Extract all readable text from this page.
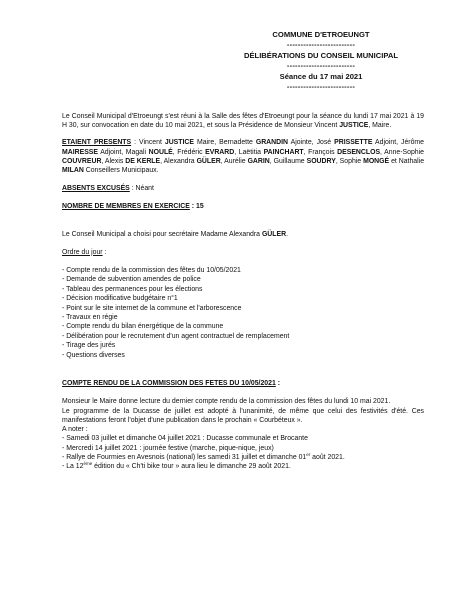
COMMUNE D'ETROEUNGT
-------------------------
DÉLIBÉRATIONS DU CONSEIL MUNICIPAL
-------------------------
Séance du 17 mai 2021
-------------------------

Le Conseil Municipal d'Etroeungt s'est réuni à la Salle des fêtes d'Etroeungt pour la séance du lundi 17 mai 2021 à 19 H 30, sur convocation en date du 10 mai 2021, et sous la Présidence de Monsieur Vincent JUSTICE, Maire.

ETAIENT PRESENTS : Vincent JUSTICE Maire, Bernadette GRANDIN Ajointe, José PRISSETTE Adjoint, Jérôme MAIRESSE Adjoint, Magali NOULÉ, Frédéric EVRARD, Laëtitia PAINCHART, François DESENCLOS, Anne-Sophie COUVREUR, Alexis DE KERLE, Alexandra GÜLER, Aurélie GARIN, Guillaume SOUDRY, Sophie MONGÉ et Nathalie MILAN Conseillers Municipaux.

ABSENTS EXCUSÉS : Néant

NOMBRE DE MEMBRES EN EXERCICE : 15

Le Conseil Municipal a choisi pour secrétaire Madame Alexandra GÜLER.

Ordre du jour :

- Compte rendu de la commission des fêtes du 10/05/2021
- Demande de subvention amendes de police
- Tableau des permanences pour les élections
- Décision modificative budgétaire n°1
- Point sur le site internet de la commune et l'arborescence
- Travaux en régie
- Compte rendu du bilan énergétique de la commune
- Délibération pour le recrutement d'un agent contractuel de remplacement
- Tirage des jurés
- Questions diverses

COMPTE RENDU DE LA COMMISSION DES FETES DU 10/05/2021 :

Monsieur le Maire donne lecture du dernier compte rendu de la commission des fêtes du lundi 10 mai 2021.

Le programme de la Ducasse de juillet est adopté à l'unanimité, de même que celui des festivités d'été. Ces manifestations feront l'objet d'une publication dans le prochain « Courbéteux ».

A noter :

- Samedi 03 juillet et dimanche 04 juillet 2021 : Ducasse communale et Brocante
- Mercredi 14 juillet 2021 : journée festive (marche, pique-nique, jeux)
- Rallye de Fourmies en Avesnois (national) les samedi 31 juillet et dimanche 01er août 2021.
- La 12ème édition du « Ch'ti bike tour » aura lieu le dimanche 29 août 2021.
